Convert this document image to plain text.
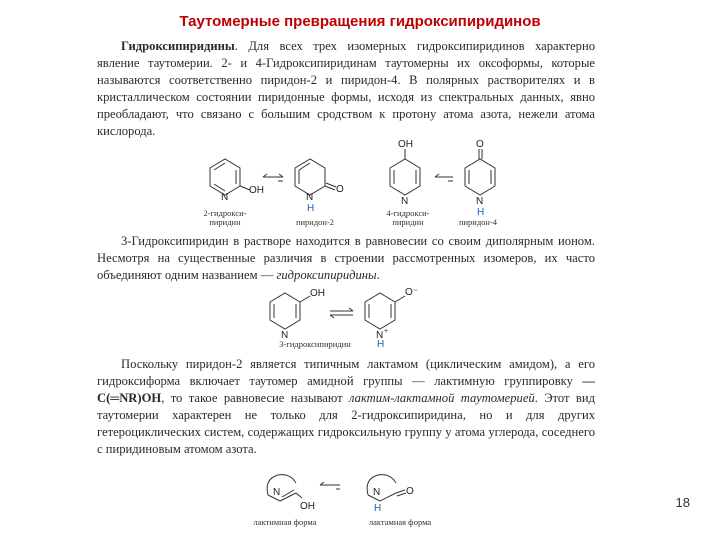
Таутомерные превращения гидроксипиридинов

Гидроксипиридины. Для всех трех изомерных гидроксипиридинов характерно явление таутомерии. 2- и 4-Гидроксипиридинам таутомерны их оксоформы, которые называются соответственно пиридон-2 и пиридон-4. В полярных растворителях и в кристаллическом состоянии пиридонные формы, исходя из спектральных данных, явно преобладают, что связано с большим сродством к протону атома азота, нежели атома кислорода.

N
OH
N
H
O
OH
N
O
N
H
2-гидрокси-
пиридин	пиридон-2
4-гидрокси-
пиридин	пиридон-4

3-Гидроксипиридин в растворе находится в равновесии со своим диполярным ионом. Несмотря на существенные различия в строении рассмотренных изомеров, их часто объединяют одним названием — гидроксипиридины.

OH
N
O⁻
N +
H
3-гидроксипиридин

Поскольку пиридон-2 является типичным лактамом (циклическим амидом), а его гидроксиформа включает таутомер амидной группы — лактимную группировку —C(═NR)OH, то такое равновесие называют лактим-лактамной таутомерией. Этот вид таутомерии характерен не только для 2-гидроксипиридина, но и для других гетероциклических систем, содержащих гидроксильную группу у атома углерода, соседнего с пиридиновым атомом азота.

N
OH
N
H
O
лактимная форма	лактамная форма
18
